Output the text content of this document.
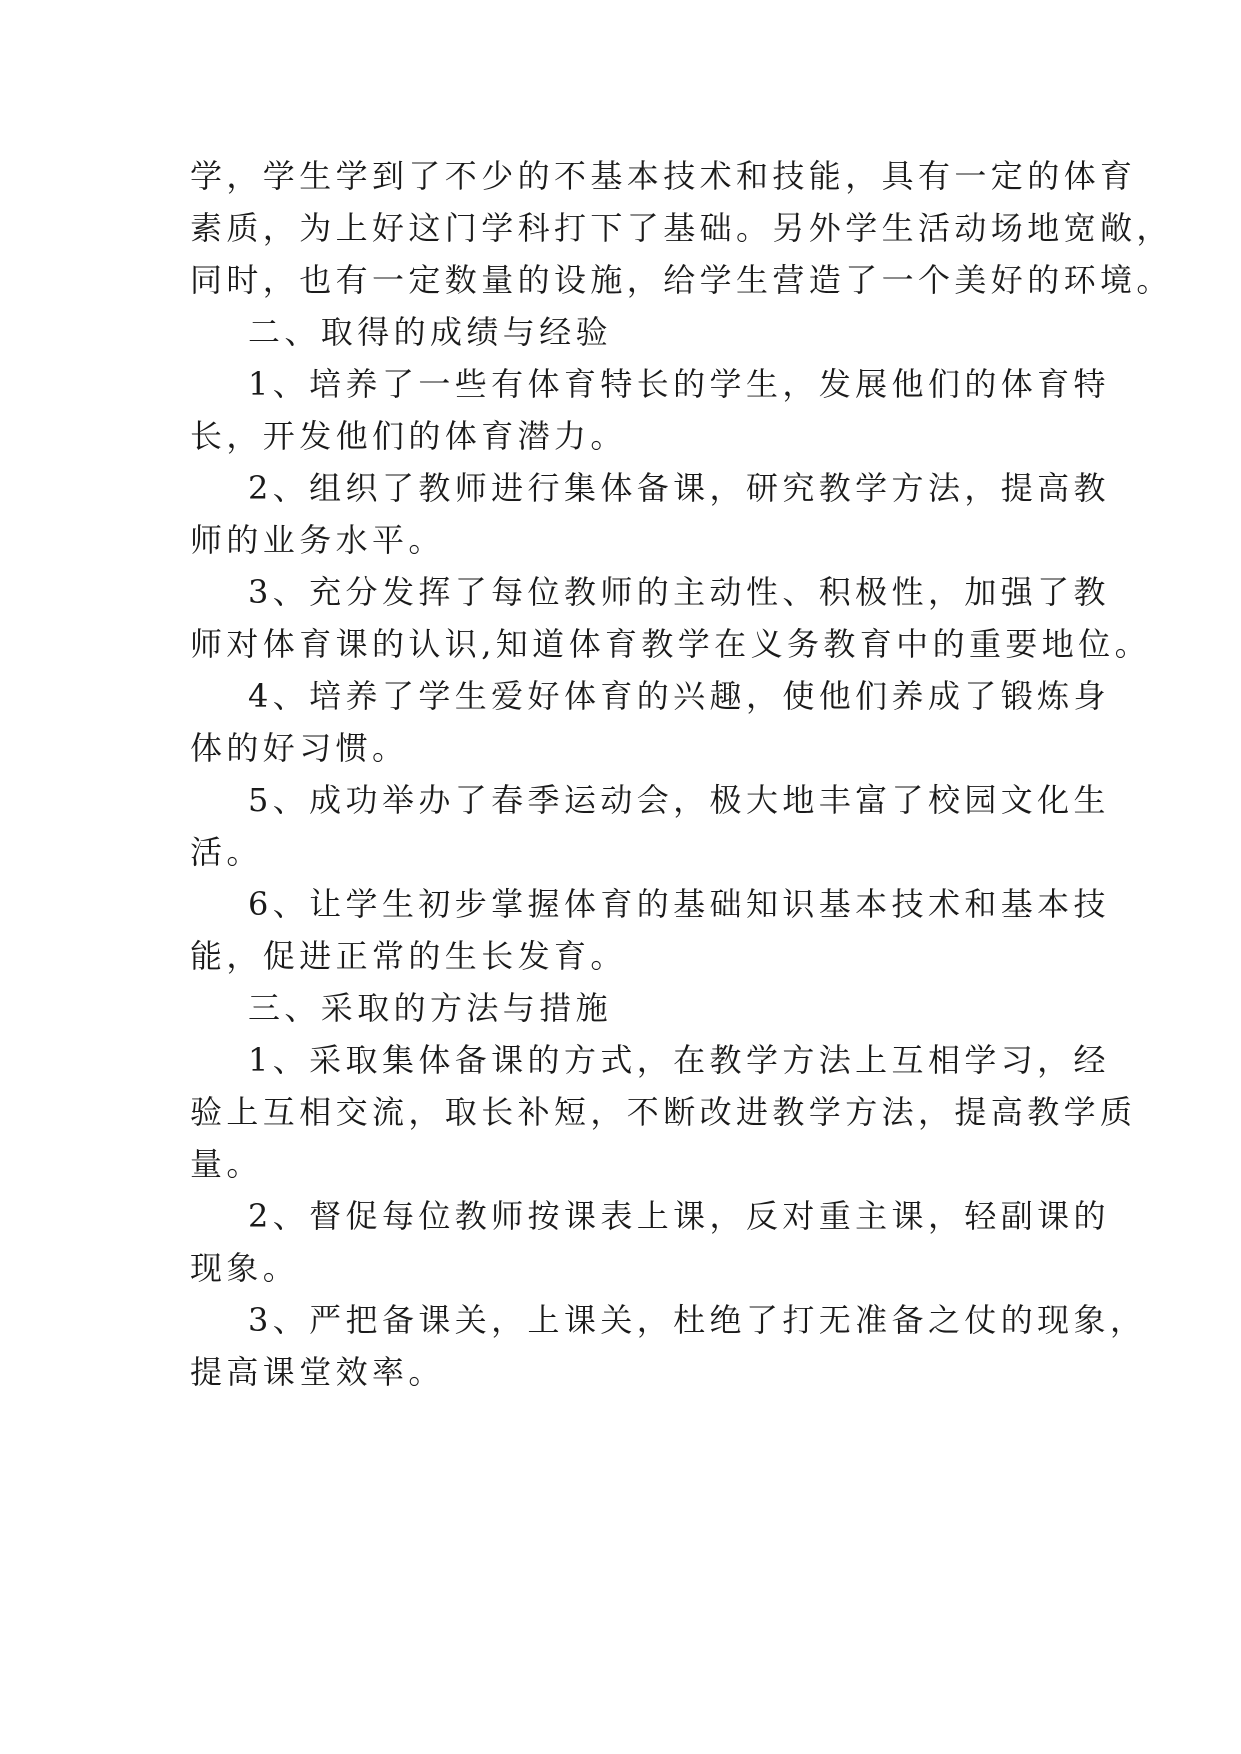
学，学生学到了不少的不基本技术和技能，具有一定的体育
素质，为上好这门学科打下了基础。另外学生活动场地宽敞，
同时，也有一定数量的设施，给学生营造了一个美好的环境。
二、取得的成绩与经验
1、培养了一些有体育特长的学生，发展他们的体育特
长，开发他们的体育潜力。
2、组织了教师进行集体备课，研究教学方法，提高教
师的业务水平。
3、充分发挥了每位教师的主动性、积极性，加强了教
师对体育课的认识,知道体育教学在义务教育中的重要地位。
4、培养了学生爱好体育的兴趣，使他们养成了锻炼身
体的好习惯。
5、成功举办了春季运动会，极大地丰富了校园文化生
活。
6、让学生初步掌握体育的基础知识基本技术和基本技
能，促进正常的生长发育。
三、采取的方法与措施
1、采取集体备课的方式，在教学方法上互相学习，经
验上互相交流，取长补短，不断改进教学方法，提高教学质
量。
2、督促每位教师按课表上课，反对重主课，轻副课的
现象。
3、严把备课关，上课关，杜绝了打无准备之仗的现象，
提高课堂效率。
